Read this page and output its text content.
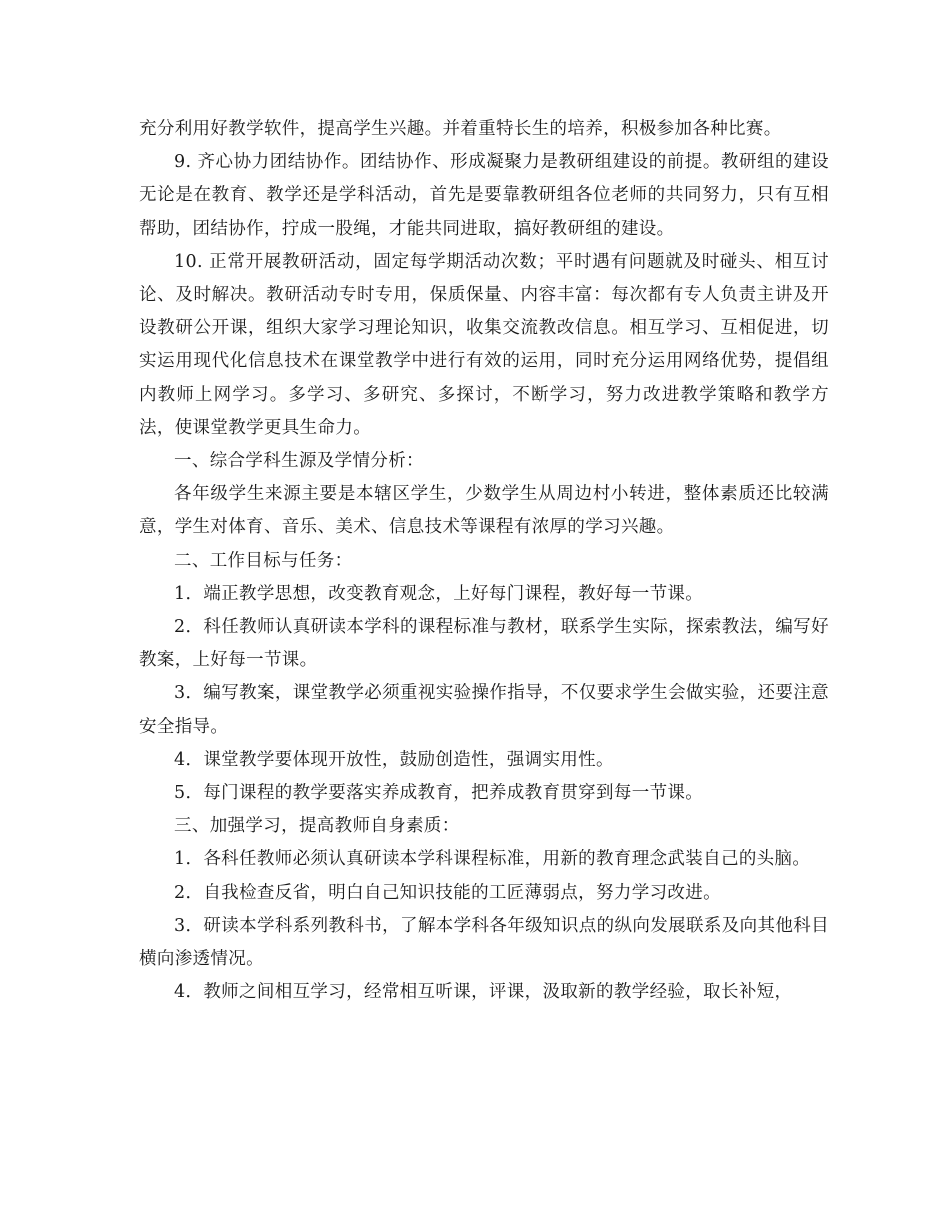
充分利用好教学软件，提高学生兴趣。并着重特长生的培养，积极参加各种比赛。

9. 齐心协力团结协作。团结协作、形成凝聚力是教研组建设的前提。教研组的建设无论是在教育、教学还是学科活动，首先是要靠教研组各位老师的共同努力，只有互相帮助，团结协作，拧成一股绳，才能共同进取，搞好教研组的建设。

10. 正常开展教研活动，固定每学期活动次数；平时遇有问题就及时碰头、相互讨论、及时解决。教研活动专时专用，保质保量、内容丰富：每次都有专人负责主讲及开设教研公开课，组织大家学习理论知识，收集交流教改信息。相互学习、互相促进，切实运用现代化信息技术在课堂教学中进行有效的运用，同时充分运用网络优势，提倡组内教师上网学习。多学习、多研究、多探讨，不断学习，努力改进教学策略和教学方法，使课堂教学更具生命力。

一、综合学科生源及学情分析：

各年级学生来源主要是本辖区学生，少数学生从周边村小转进，整体素质还比较满意，学生对体育、音乐、美术、信息技术等课程有浓厚的学习兴趣。

二、工作目标与任务：

1．端正教学思想，改变教育观念，上好每门课程，教好每一节课。

2．科任教师认真研读本学科的课程标准与教材，联系学生实际，探索教法，编写好教案，上好每一节课。

3．编写教案，课堂教学必须重视实验操作指导，不仅要求学生会做实验，还要注意安全指导。

4．课堂教学要体现开放性，鼓励创造性，强调实用性。

5．每门课程的教学要落实养成教育，把养成教育贯穿到每一节课。

三、加强学习，提高教师自身素质：

1．各科任教师必须认真研读本学科课程标准，用新的教育理念武装自己的头脑。

2．自我检查反省，明白自己知识技能的工匠薄弱点，努力学习改进。

3．研读本学科系列教科书，了解本学科各年级知识点的纵向发展联系及向其他科目横向渗透情况。

4．教师之间相互学习，经常相互听课，评课，汲取新的教学经验，取长补短，
